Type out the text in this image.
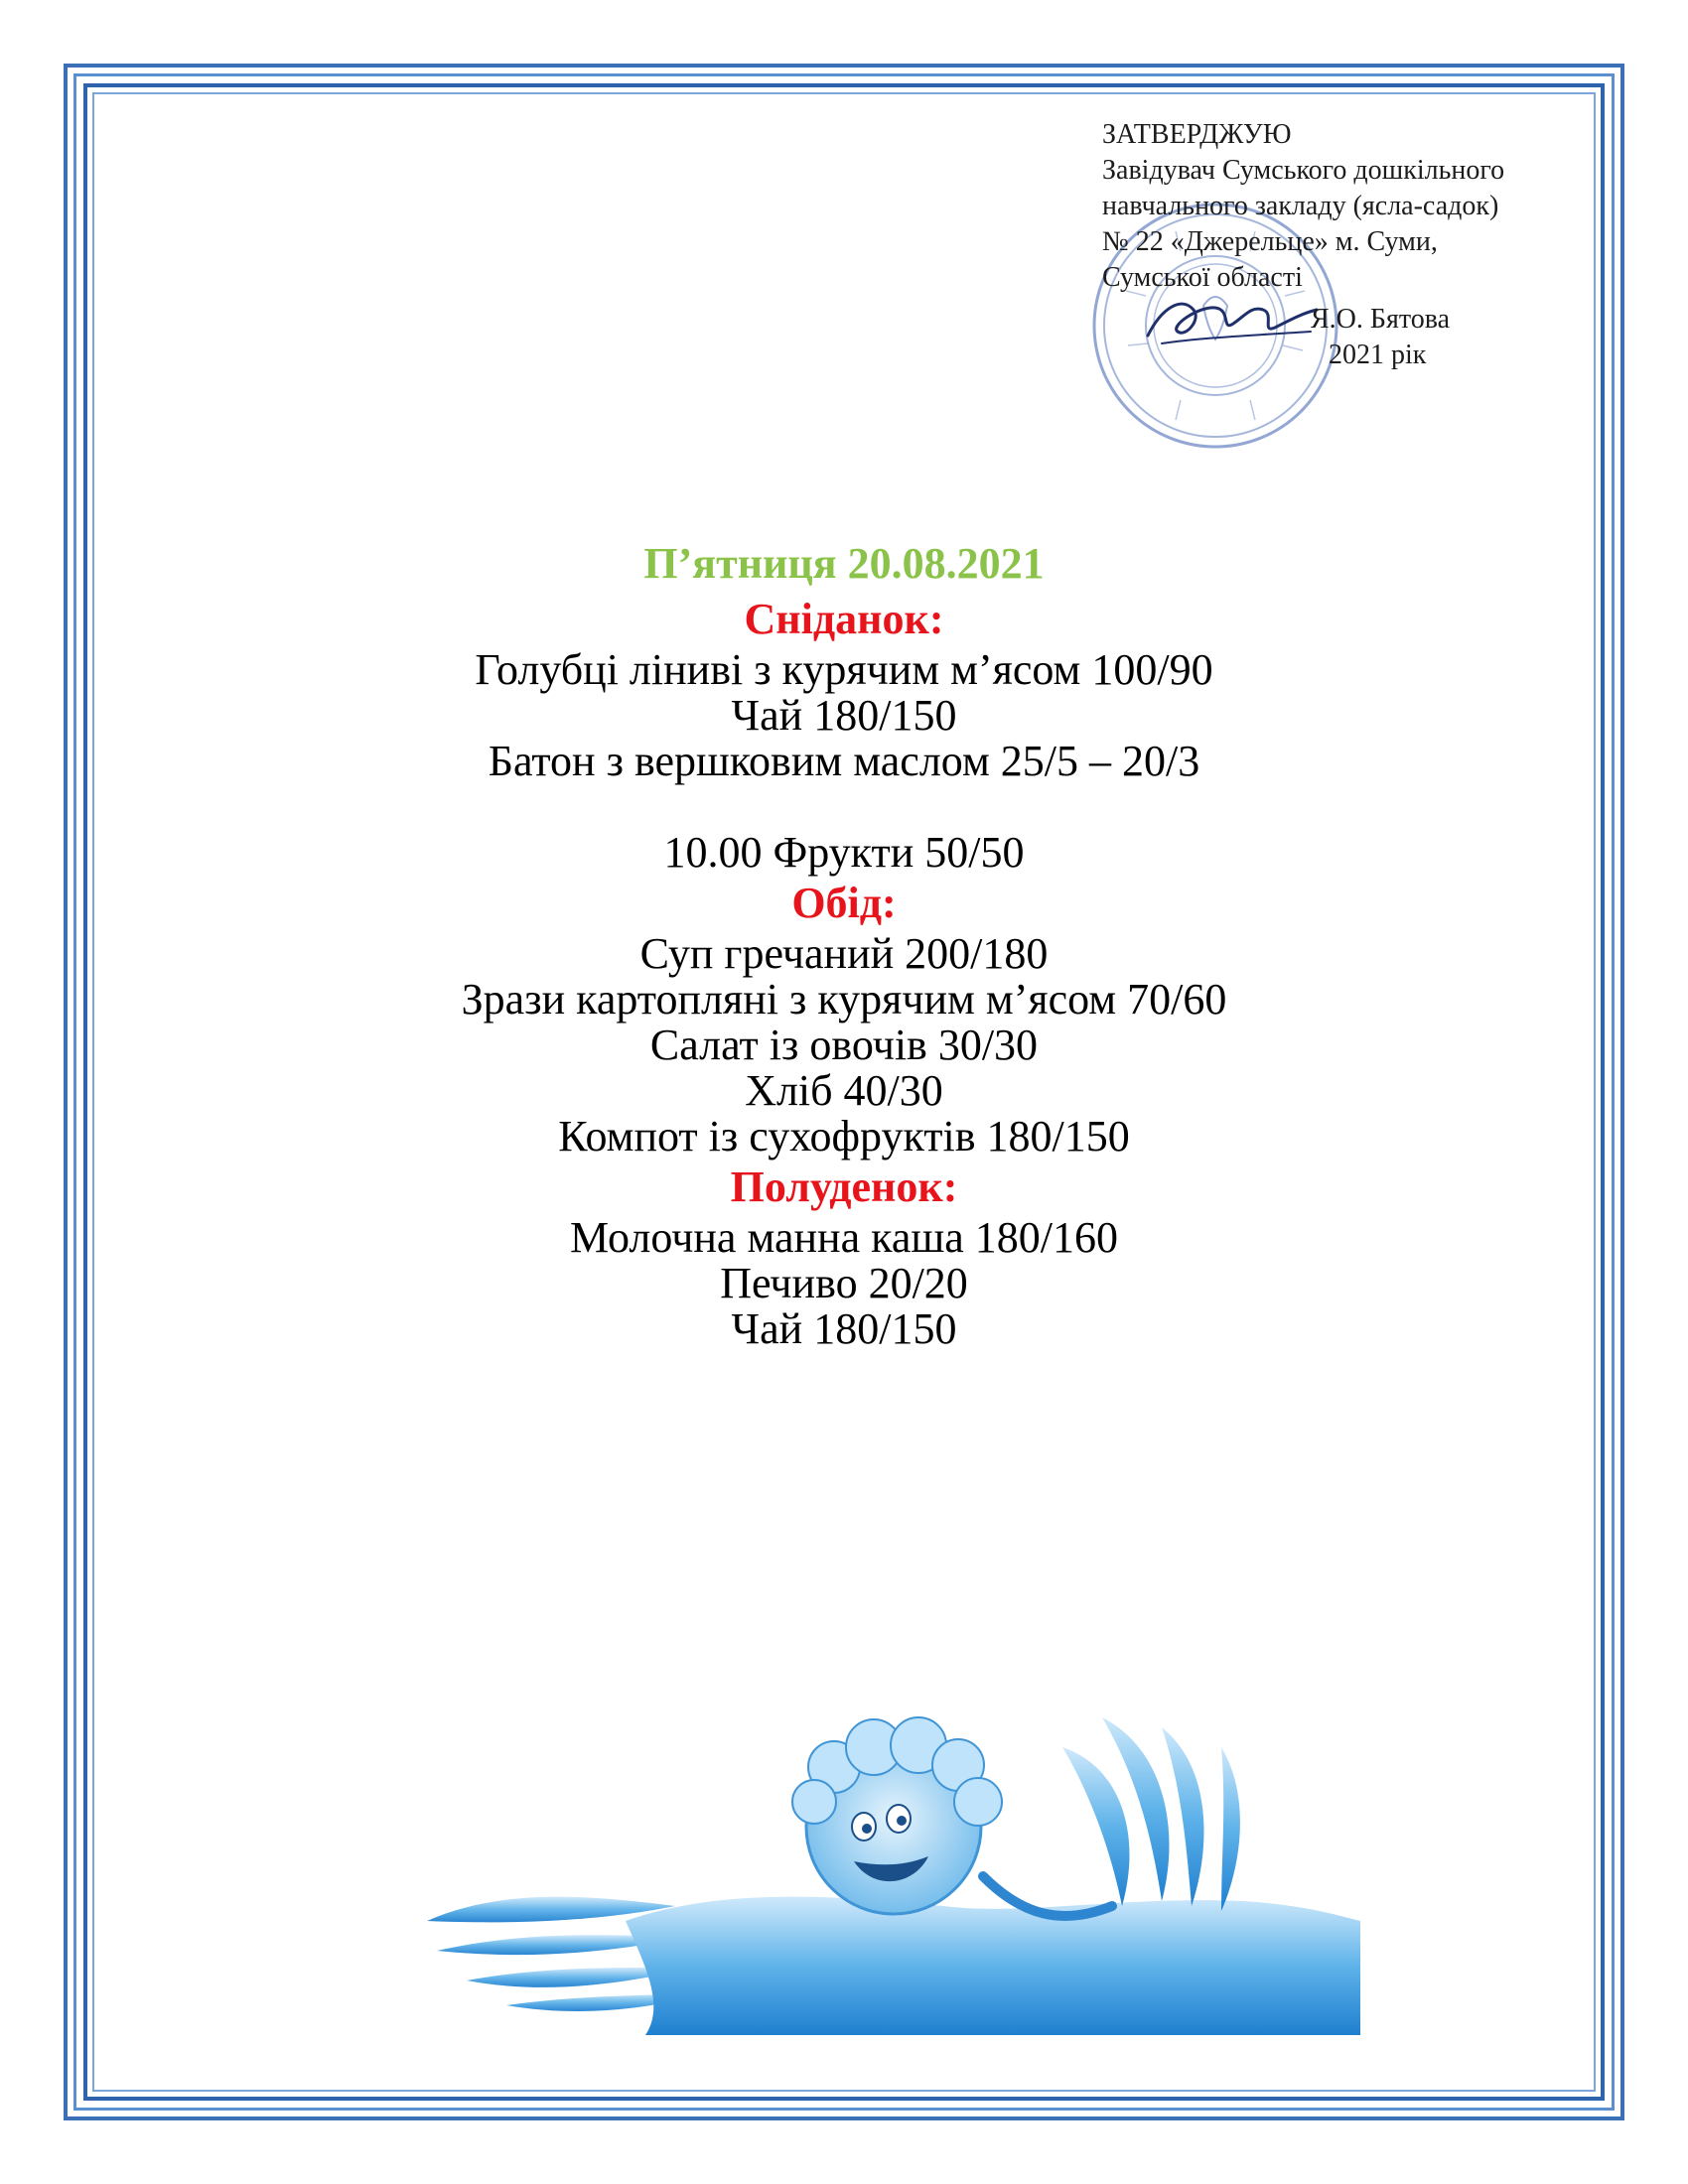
ЗАТВЕРДЖУЮ
Завідувач Сумського дошкільного
навчального закладу (ясла-садок)
№ 22 «Джерельце» м. Суми,
Сумської області
Я.О. Бятова
2021 рік
П’ятниця 20.08.2021
Сніданок:
Голубці ліниві з курячим м’ясом 100/90
Чай 180/150
Батон з вершковим маслом 25/5 – 20/3
10.00 Фрукти 50/50
Обід:
Суп гречаний 200/180
Зрази картопляні з курячим м’ясом 70/60
Салат із овочів 30/30
Хліб 40/30
Компот із сухофруктів 180/150
Полуденок:
Молочна манна каша 180/160
Печиво 20/20
Чай 180/150
